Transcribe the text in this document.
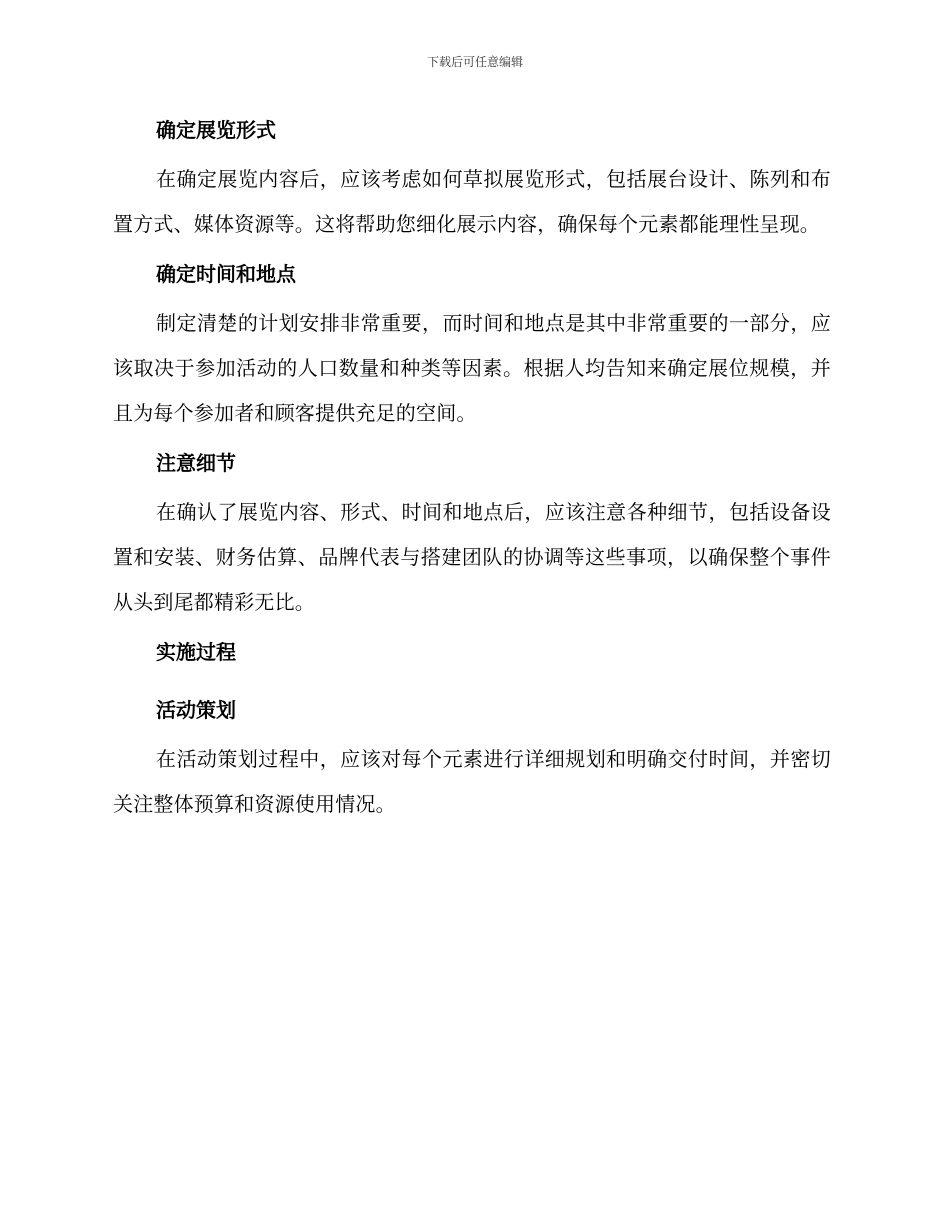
下载后可任意编辑
确定展览形式

在确定展览内容后，应该考虑如何草拟展览形式，包括展台设计、陈列和布置方式、媒体资源等。这将帮助您细化展示内容，确保每个元素都能理性呈现。

确定时间和地点

制定清楚的计划安排非常重要，而时间和地点是其中非常重要的一部分，应该取决于参加活动的人口数量和种类等因素。根据人均告知来确定展位规模，并且为每个参加者和顾客提供充足的空间。

注意细节

在确认了展览内容、形式、时间和地点后，应该注意各种细节，包括设备设置和安装、财务估算、品牌代表与搭建团队的协调等这些事项，以确保整个事件从头到尾都精彩无比。

实施过程
活动策划

在活动策划过程中，应该对每个元素进行详细规划和明确交付时间，并密切关注整体预算和资源使用情况。
